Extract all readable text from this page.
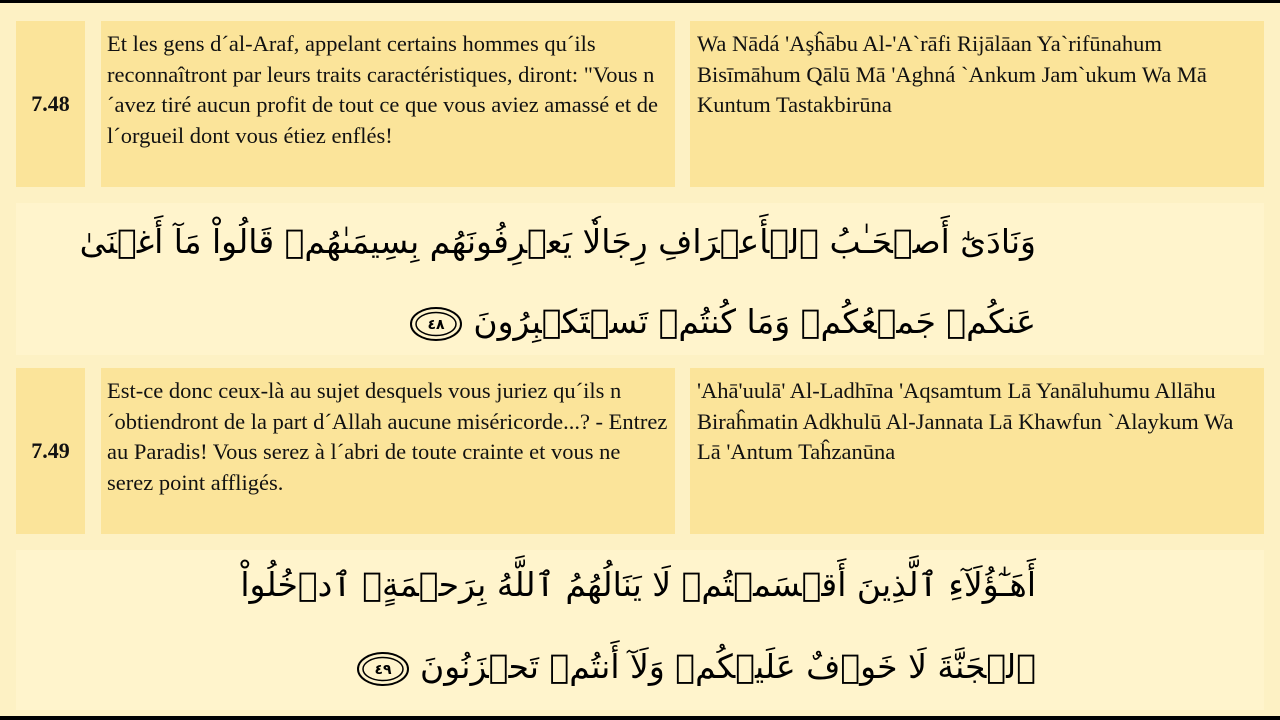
7.48
Et les gens d´al-Araf, appelant certains hommes qu´ils reconnaîtront par leurs traits caractéristiques, diront: "Vous n´avez tiré aucun profit de tout ce que vous aviez amassé et de l´orgueil dont vous étiez enflés!
Wa Nādá 'Aşĥābu Al-'A`rāfi Rijālāan Ya`rifūnahum Bisīmāhum Qālū Mā 'Aghná `Ankum Jam`ukum Wa Mā Kuntum Tastakbirūna
وَنَادَىٰٓ أَصۡحَـٰبُ ٱلۡأَعۡرَافِ رِجَالٗا يَعۡرِفُونَهُم بِسِيمَىٰهُمۡ قَالُواْ مَآ أَغۡنَىٰ
عَنكُمۡ جَمۡعُكُمۡ وَمَا كُنتُمۡ تَسۡتَكۡبِرُونَ
٤٨
7.49
Est-ce donc ceux-là au sujet desquels vous juriez qu´ils n´obtiendront de la part d´Allah aucune miséricorde...? - Entrez au Paradis! Vous serez à l´abri de toute crainte et vous ne serez point affligés.
'Ahā'uulā' Al-Ladhīna 'Aqsamtum Lā Yanāluhumu Allāhu Biraĥmatin Adkhulū Al-Jannata Lā Khawfun `Alaykum Wa Lā 'Antum Taĥzanūna
أَهَـٰٓؤُلَآءِ ٱلَّذِينَ أَقۡسَمۡتُمۡ لَا يَنَالُهُمُ ٱللَّهُ بِرَحۡمَةٍۚ ٱدۡخُلُواْ
ٱلۡجَنَّةَ لَا خَوۡفٌ عَلَيۡكُمۡ وَلَآ أَنتُمۡ تَحۡزَنُونَ
٤٩
